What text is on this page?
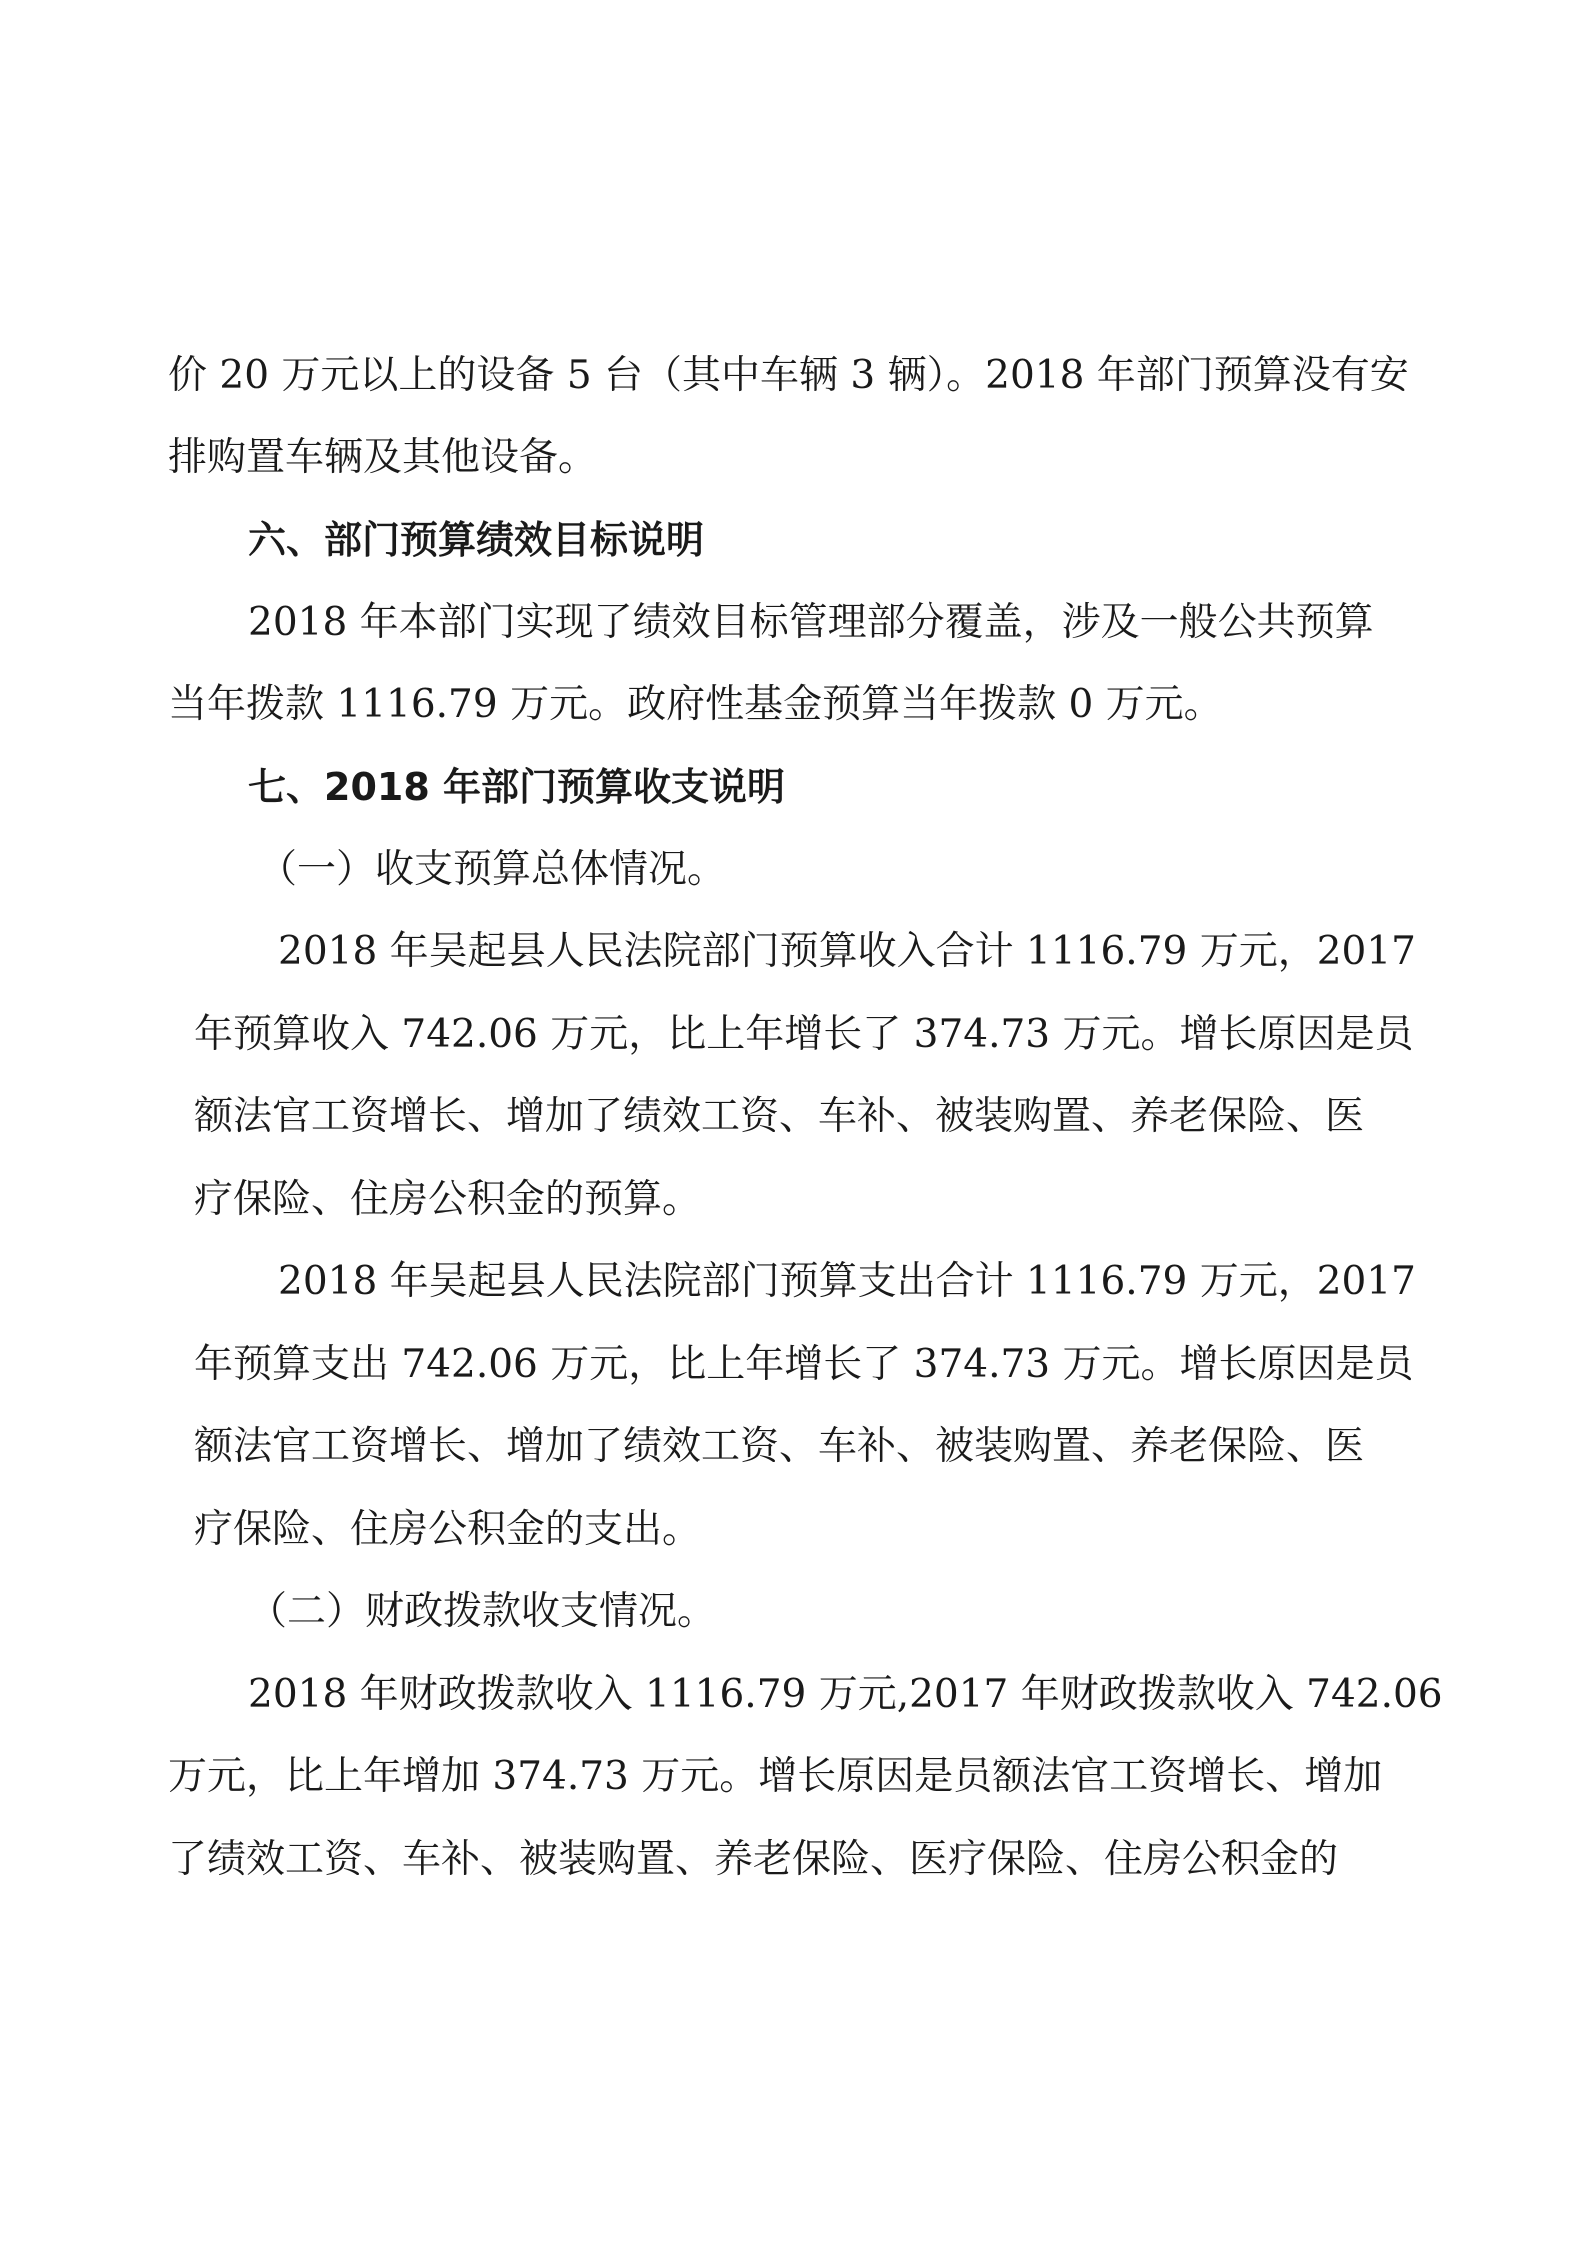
价 20 万元以上的设备 5 台（其中车辆 3 辆）。2018 年部门预算没有安
排购置车辆及其他设备。
六、部门预算绩效目标说明
2018 年本部门实现了绩效目标管理部分覆盖，涉及一般公共预算
当年拨款 1116.79 万元。政府性基金预算当年拨款 0 万元。
七、2018 年部门预算收支说明
（一）收支预算总体情况。
2018 年吴起县人民法院部门预算收入合计 1116.79 万元，2017
年预算收入 742.06 万元，比上年增长了 374.73 万元。增长原因是员
额法官工资增长、增加了绩效工资、车补、被装购置、养老保险、医
疗保险、住房公积金的预算。
2018 年吴起县人民法院部门预算支出合计 1116.79 万元，2017
年预算支出 742.06 万元，比上年增长了 374.73 万元。增长原因是员
额法官工资增长、增加了绩效工资、车补、被装购置、养老保险、医
疗保险、住房公积金的支出。
（二）财政拨款收支情况。
2018 年财政拨款收入 1116.79 万元,2017 年财政拨款收入 742.06
万元，比上年增加 374.73 万元。增长原因是员额法官工资增长、增加
了绩效工资、车补、被装购置、养老保险、医疗保险、住房公积金的
